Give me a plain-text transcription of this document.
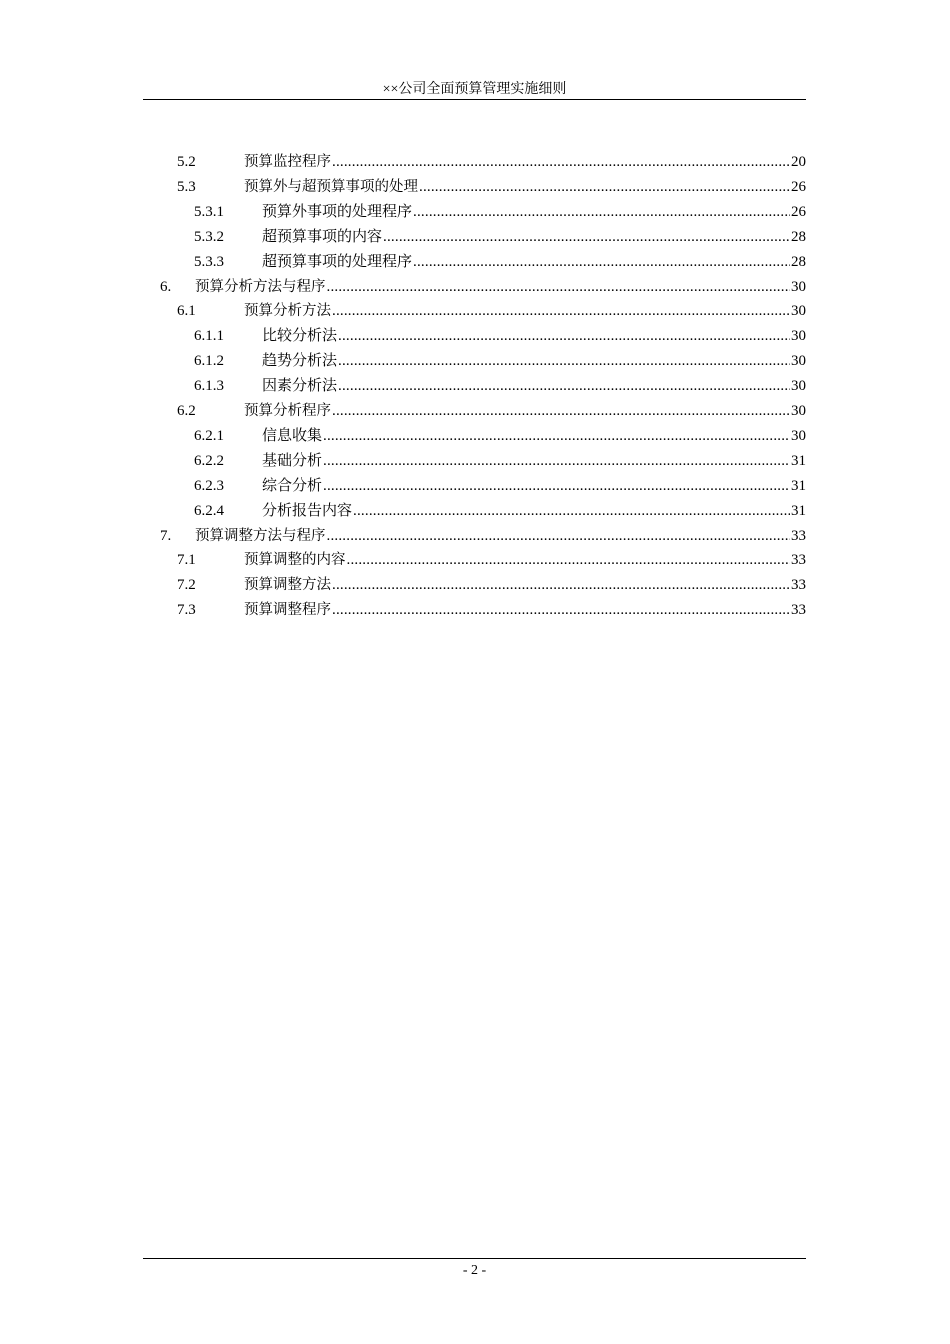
××公司全面预算管理实施细则
5.2	预算监控程序 .....	20
5.3	预算外与超预算事项的处理 .....	26
5.3.1	预算外事项的处理程序 .....	26
5.3.2	超预算事项的内容 .....	28
5.3.3	超预算事项的处理程序 .....	28
6.	预算分析方法与程序 .....	30
6.1	预算分析方法 .....	30
6.1.1	比较分析法 .....	30
6.1.2	趋势分析法 .....	30
6.1.3	因素分析法 .....	30
6.2	预算分析程序 .....	30
6.2.1	信息收集 .....	30
6.2.2	基础分析 .....	31
6.2.3	综合分析 .....	31
6.2.4	分析报告内容 .....	31
7.	预算调整方法与程序 .....	33
7.1	预算调整的内容 .....	33
7.2	预算调整方法 .....	33
7.3	预算调整程序 .....	33
- 2 -
